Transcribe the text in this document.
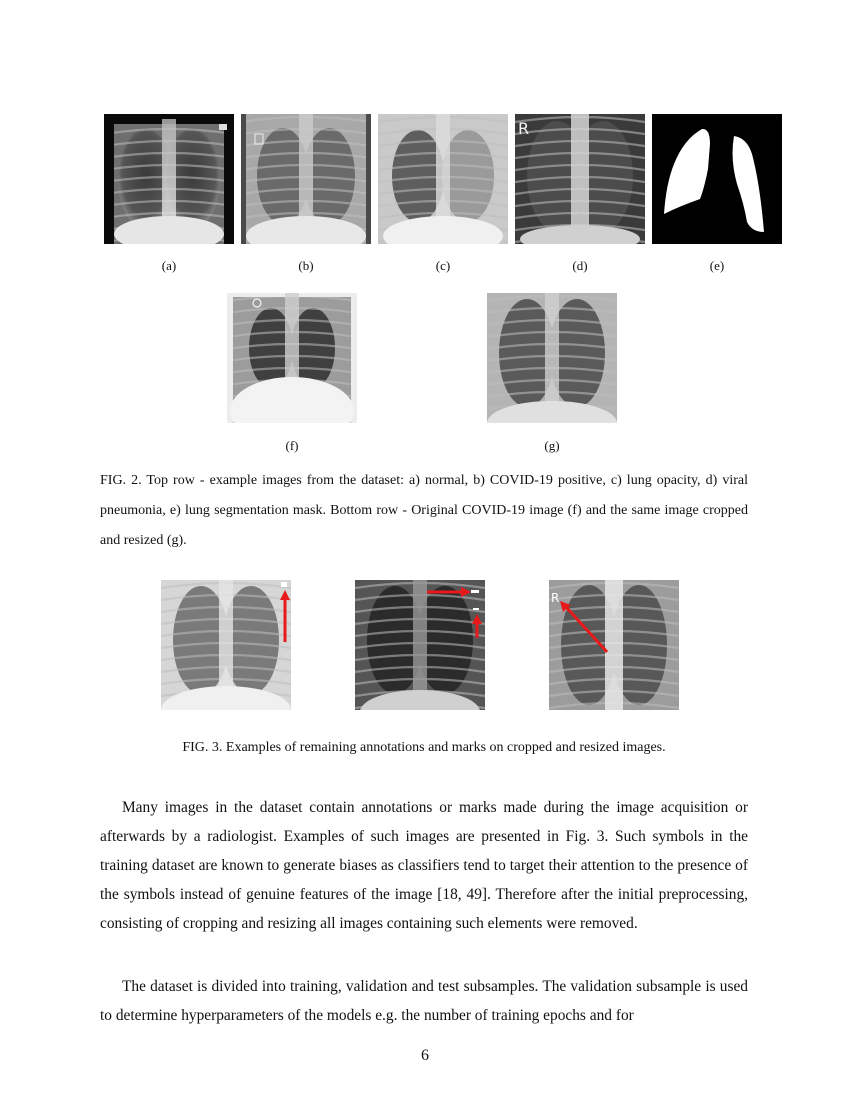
R
(a)	(b)	(c)	(d)	(e)
(f)	(g)
FIG. 2. Top row - example images from the dataset: a) normal, b) COVID-19 positive, c) lung opacity, d) viral pneumonia, e) lung segmentation mask. Bottom row - Original COVID-19 image (f) and the same image cropped and resized (g).
R
FIG. 3. Examples of remaining annotations and marks on cropped and resized images.

Many images in the dataset contain annotations or marks made during the image acquisition or afterwards by a radiologist. Examples of such images are presented in Fig. 3. Such symbols in the training dataset are known to generate biases as classifiers tend to target their attention to the presence of the symbols instead of genuine features of the image [18, 49]. Therefore after the initial preprocessing, consisting of cropping and resizing all images containing such elements were removed.

The dataset is divided into training, validation and test subsamples. The validation subsample is used to determine hyperparameters of the models e.g. the number of training epochs and for

6
